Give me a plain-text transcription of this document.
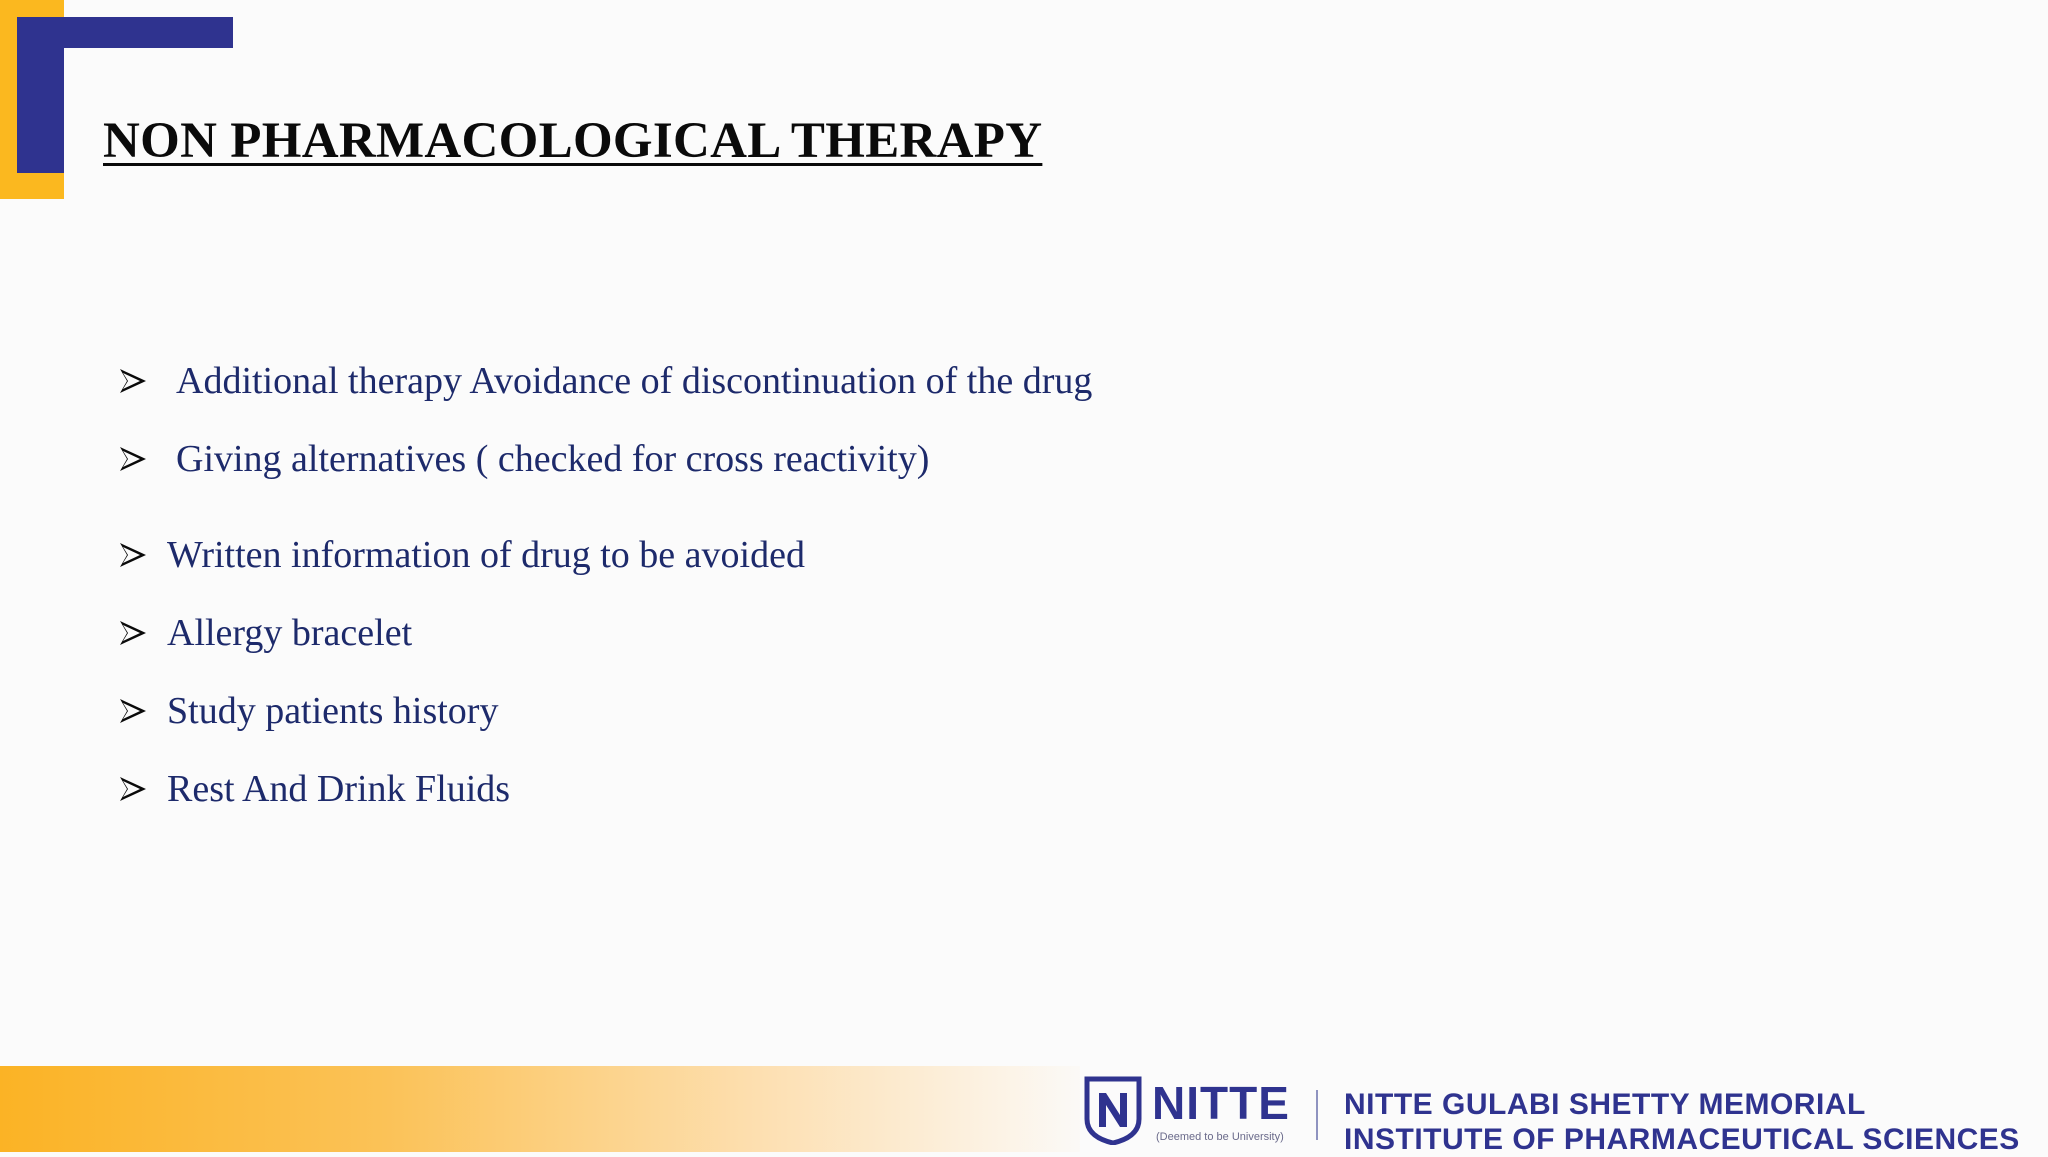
NON PHARMACOLOGICAL THERAPY
Additional therapy Avoidance of discontinuation of the drug
Giving alternatives ( checked for cross reactivity)
Written information of drug to be avoided
Allergy bracelet
Study patients history
Rest And Drink Fluids
NITTE
(Deemed to be University)
NITTE GULABI SHETTY MEMORIAL
INSTITUTE OF PHARMACEUTICAL SCIENCES
